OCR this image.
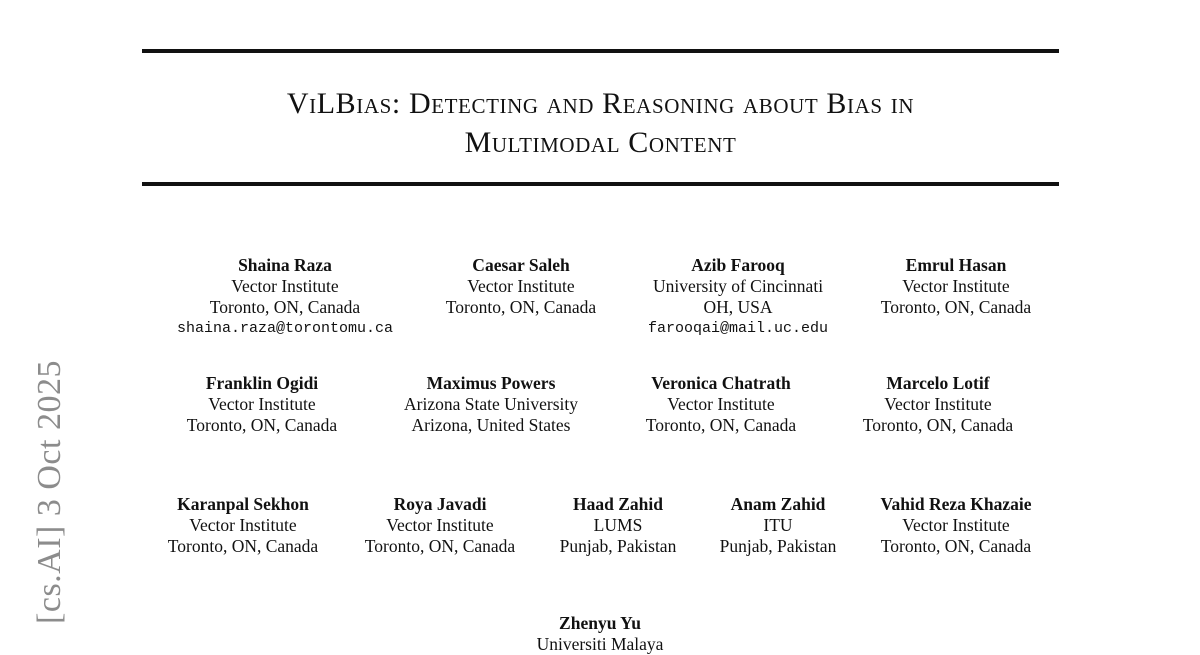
[cs.AI] 3 Oct 2025
ViLBias: Detecting and Reasoning about Bias in
Multimodal Content
Shaina Raza
Vector Institute
Toronto, ON, Canada
shaina.raza@torontomu.ca
Caesar Saleh
Vector Institute
Toronto, ON, Canada
Azib Farooq
University of Cincinnati
OH, USA
farooqai@mail.uc.edu
Emrul Hasan
Vector Institute
Toronto, ON, Canada
Franklin Ogidi
Vector Institute
Toronto, ON, Canada
Maximus Powers
Arizona State University
Arizona, United States
Veronica Chatrath
Vector Institute
Toronto, ON, Canada
Marcelo Lotif
Vector Institute
Toronto, ON, Canada
Karanpal Sekhon
Vector Institute
Toronto, ON, Canada
Roya Javadi
Vector Institute
Toronto, ON, Canada
Haad Zahid
LUMS
Punjab, Pakistan
Anam Zahid
ITU
Punjab, Pakistan
Vahid Reza Khazaie
Vector Institute
Toronto, ON, Canada
Zhenyu Yu
Universiti Malaya
